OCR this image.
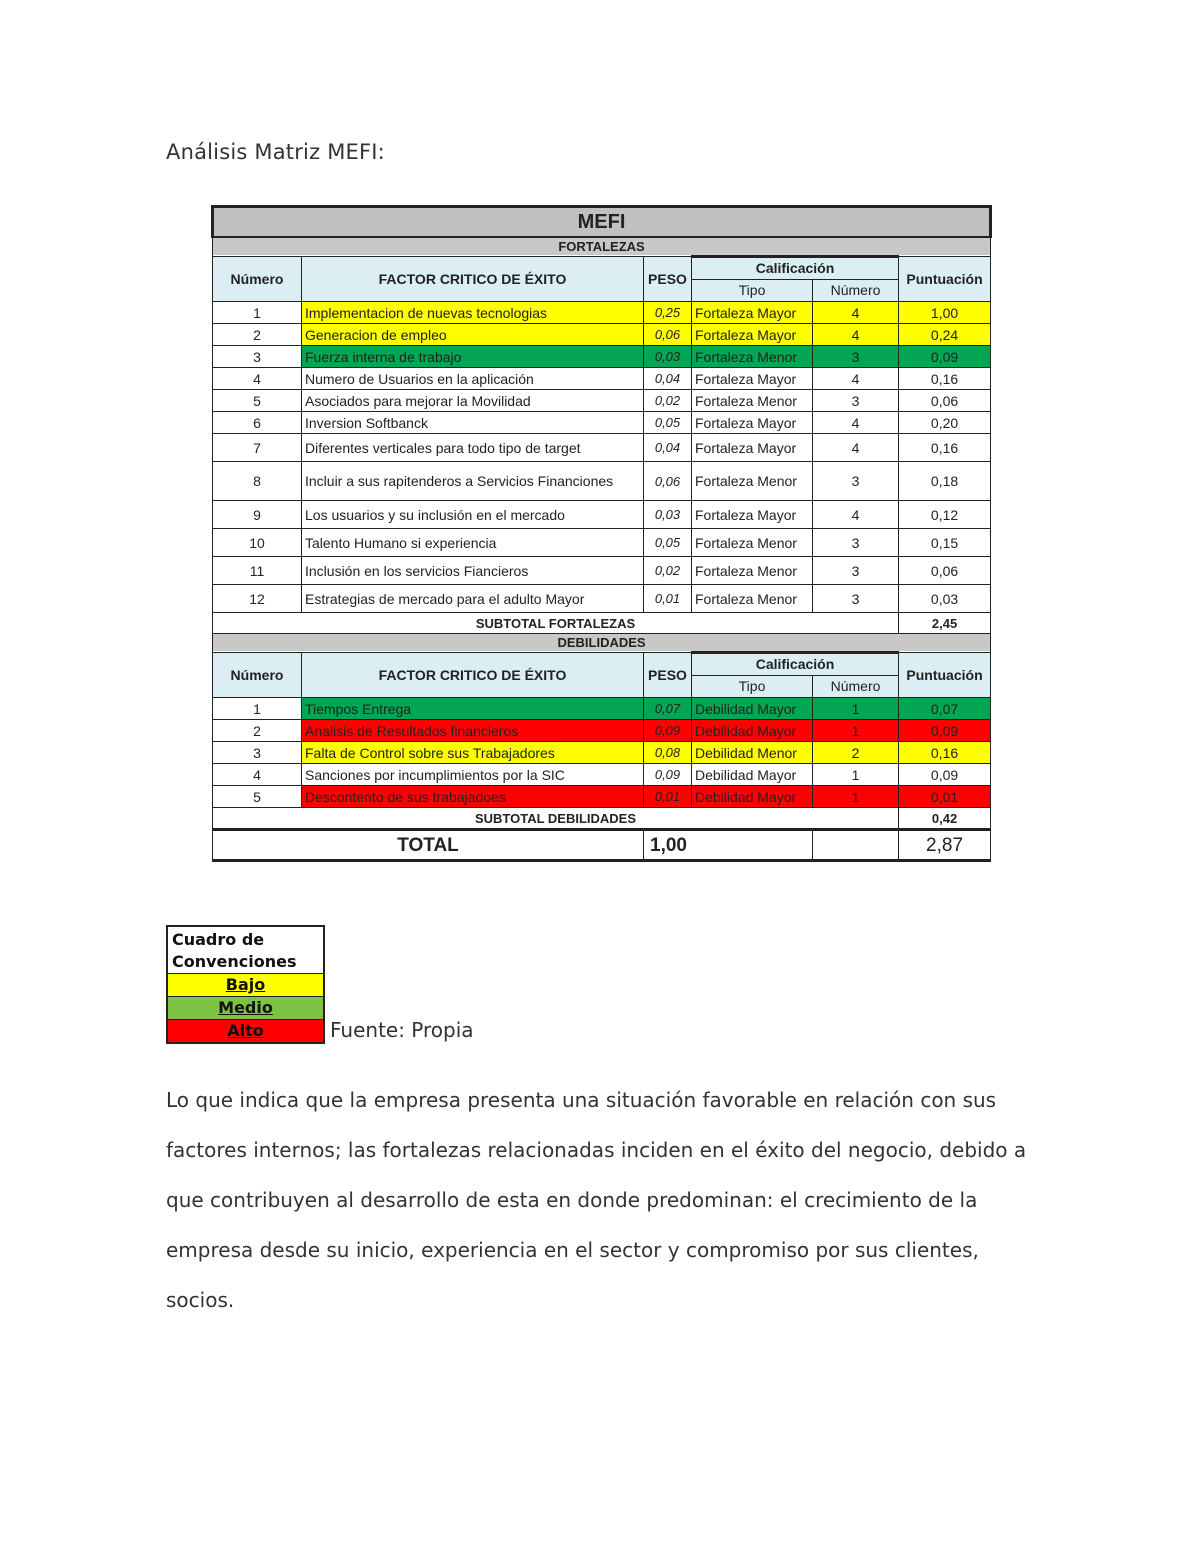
Análisis Matriz MEFI:
MEFI					
FORTALEZAS					
Número	FACTOR CRITICO DE ÉXITO	PESO	Calificación		Puntuación
			Tipo	Número	
1	Implementacion de nuevas tecnologias	0,25	Fortaleza Mayor	4	1,00
2	Generacion de empleo	0,06	Fortaleza Mayor	4	0,24
3	Fuerza interna de trabajo	0,03	Fortaleza Menor	3	0,09
4	Numero de Usuarios en la aplicación	0,04	Fortaleza Mayor	4	0,16
5	Asociados para mejorar la Movilidad	0,02	Fortaleza Menor	3	0,06
6	Inversion Softbanck	0,05	Fortaleza Mayor	4	0,20
7	Diferentes verticales para todo tipo de target	0,04	Fortaleza Mayor	4	0,16
8	Incluir a sus rapitenderos a Servicios Financiones	0,06	Fortaleza Menor	3	0,18
9	Los usuarios y su inclusión en el mercado	0,03	Fortaleza Mayor	4	0,12
10	Talento Humano si experiencia	0,05	Fortaleza Menor	3	0,15
11	Inclusión en los servicios Fiancieros	0,02	Fortaleza Menor	3	0,06
12	Estrategias de mercado para el adulto Mayor	0,01	Fortaleza Menor	3	0,03
SUBTOTAL FORTALEZAS					2,45
DEBILIDADES					
Número	FACTOR CRITICO DE ÉXITO	PESO	Calificación		Puntuación
			Tipo	Número	
1	Tiempos Entrega	0,07	Debilidad Mayor	1	0,07
2	Analisis de Resultados financieros	0,09	Debilidad Mayor	1	0,09
3	Falta de Control sobre sus Trabajadores	0,08	Debilidad Menor	2	0,16
4	Sanciones por incumplimientos por la SIC	0,09	Debilidad Mayor	1	0,09
5	Descontento de sus trabajadoes	0,01	Debilidad Mayor	1	0,01
SUBTOTAL DEBILIDADES					0,42
TOTAL		1,00			2,87
Cuadro de Convenciones
Bajo
Medio
Alto	Fuente: Propia
Lo que indica que la empresa presenta una situación favorable en relación con sus factores internos; las fortalezas relacionadas inciden en el éxito del negocio, debido a que contribuyen al desarrollo de esta en donde predominan: el crecimiento de la empresa desde su inicio, experiencia en el sector y compromiso por sus clientes, socios.
